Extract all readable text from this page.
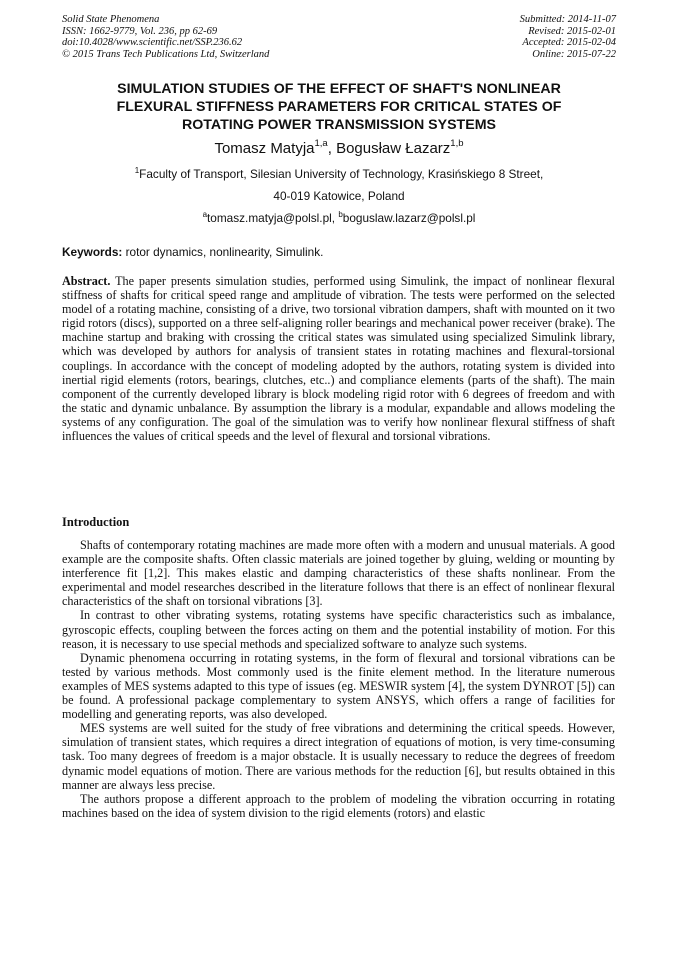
Solid State Phenomena
ISSN: 1662-9779, Vol. 236, pp 62-69
doi:10.4028/www.scientific.net/SSP.236.62
© 2015 Trans Tech Publications Ltd, Switzerland
Submitted: 2014-11-07
Revised: 2015-02-01
Accepted: 2015-02-04
Online: 2015-07-22
SIMULATION STUDIES OF THE EFFECT OF SHAFT'S NONLINEAR
FLEXURAL STIFFNESS PARAMETERS FOR CRITICAL STATES OF
ROTATING POWER TRANSMISSION SYSTEMS
Tomasz Matyja$^{1,a}$, Bogusław Łazarz$^{1,b}$
$^1$Faculty of Transport, Silesian University of Technology, Krasińskiego 8 Street,
40-019 Katowice, Poland
$^a$tomasz.matyja@polsl.pl, $^b$boguslaw.lazarz@polsl.pl
Keywords: rotor dynamics, nonlinearity, Simulink.

Abstract. The paper presents simulation studies, performed using Simulink, the impact of nonlinear flexural stiffness of shafts for critical speed range and amplitude of vibration. The tests were performed on the selected model of a rotating machine, consisting of a drive, two torsional vibration dampers, shaft with mounted on it two rigid rotors (discs), supported on a three self-aligning roller bearings and mechanical power receiver (brake). The machine startup and braking with crossing the critical states was simulated using specialized Simulink library, which was developed by authors for analysis of transient states in rotating machines and flexural-torsional couplings. In accordance with the concept of modeling adopted by the authors, rotating system is divided into inertial rigid elements (rotors, bearings, clutches, etc..) and compliance elements (parts of the shaft). The main component of the currently developed library is block modeling rigid rotor with 6 degrees of freedom and with the static and dynamic unbalance. By assumption the library is a modular, expandable and allows modeling the systems of any configuration. The goal of the simulation was to verify how nonlinear flexural stiffness of shaft influences the values of critical speeds and the level of flexural and torsional vibrations.

Introduction

Shafts of contemporary rotating machines are made more often with a modern and unusual materials. A good example are the composite shafts. Often classic materials are joined together by gluing, welding or mounting by interference fit [1,2]. This makes elastic and damping characteristics of these shafts nonlinear. From the experimental and model researches described in the literature follows that there is an effect of nonlinear flexural characteristics of the shaft on torsional vibrations [3].

In contrast to other vibrating systems, rotating systems have specific characteristics such as imbalance, gyroscopic effects, coupling between the forces acting on them and the potential instability of motion. For this reason, it is necessary to use special methods and specialized software to analyze such systems.

Dynamic phenomena occurring in rotating systems, in the form of flexural and torsional vibrations can be tested by various methods. Most commonly used is the finite element method. In the literature numerous examples of MES systems adapted to this type of issues (eg. MESWIR system [4], the system DYNROT [5]) can be found. A professional package complementary to system ANSYS, which offers a range of facilities for modelling and generating reports, was also developed.

MES systems are well suited for the study of free vibrations and determining the critical speeds. However, simulation of transient states, which requires a direct integration of equations of motion, is very time-consuming task. Too many degrees of freedom is a major obstacle. It is usually necessary to reduce the degrees of freedom dynamic model equations of motion. There are various methods for the reduction [6], but results obtained in this manner are always less precise.

The authors propose a different approach to the problem of modeling the vibration occurring in rotating machines based on the idea of system division to the rigid elements (rotors) and elastic
